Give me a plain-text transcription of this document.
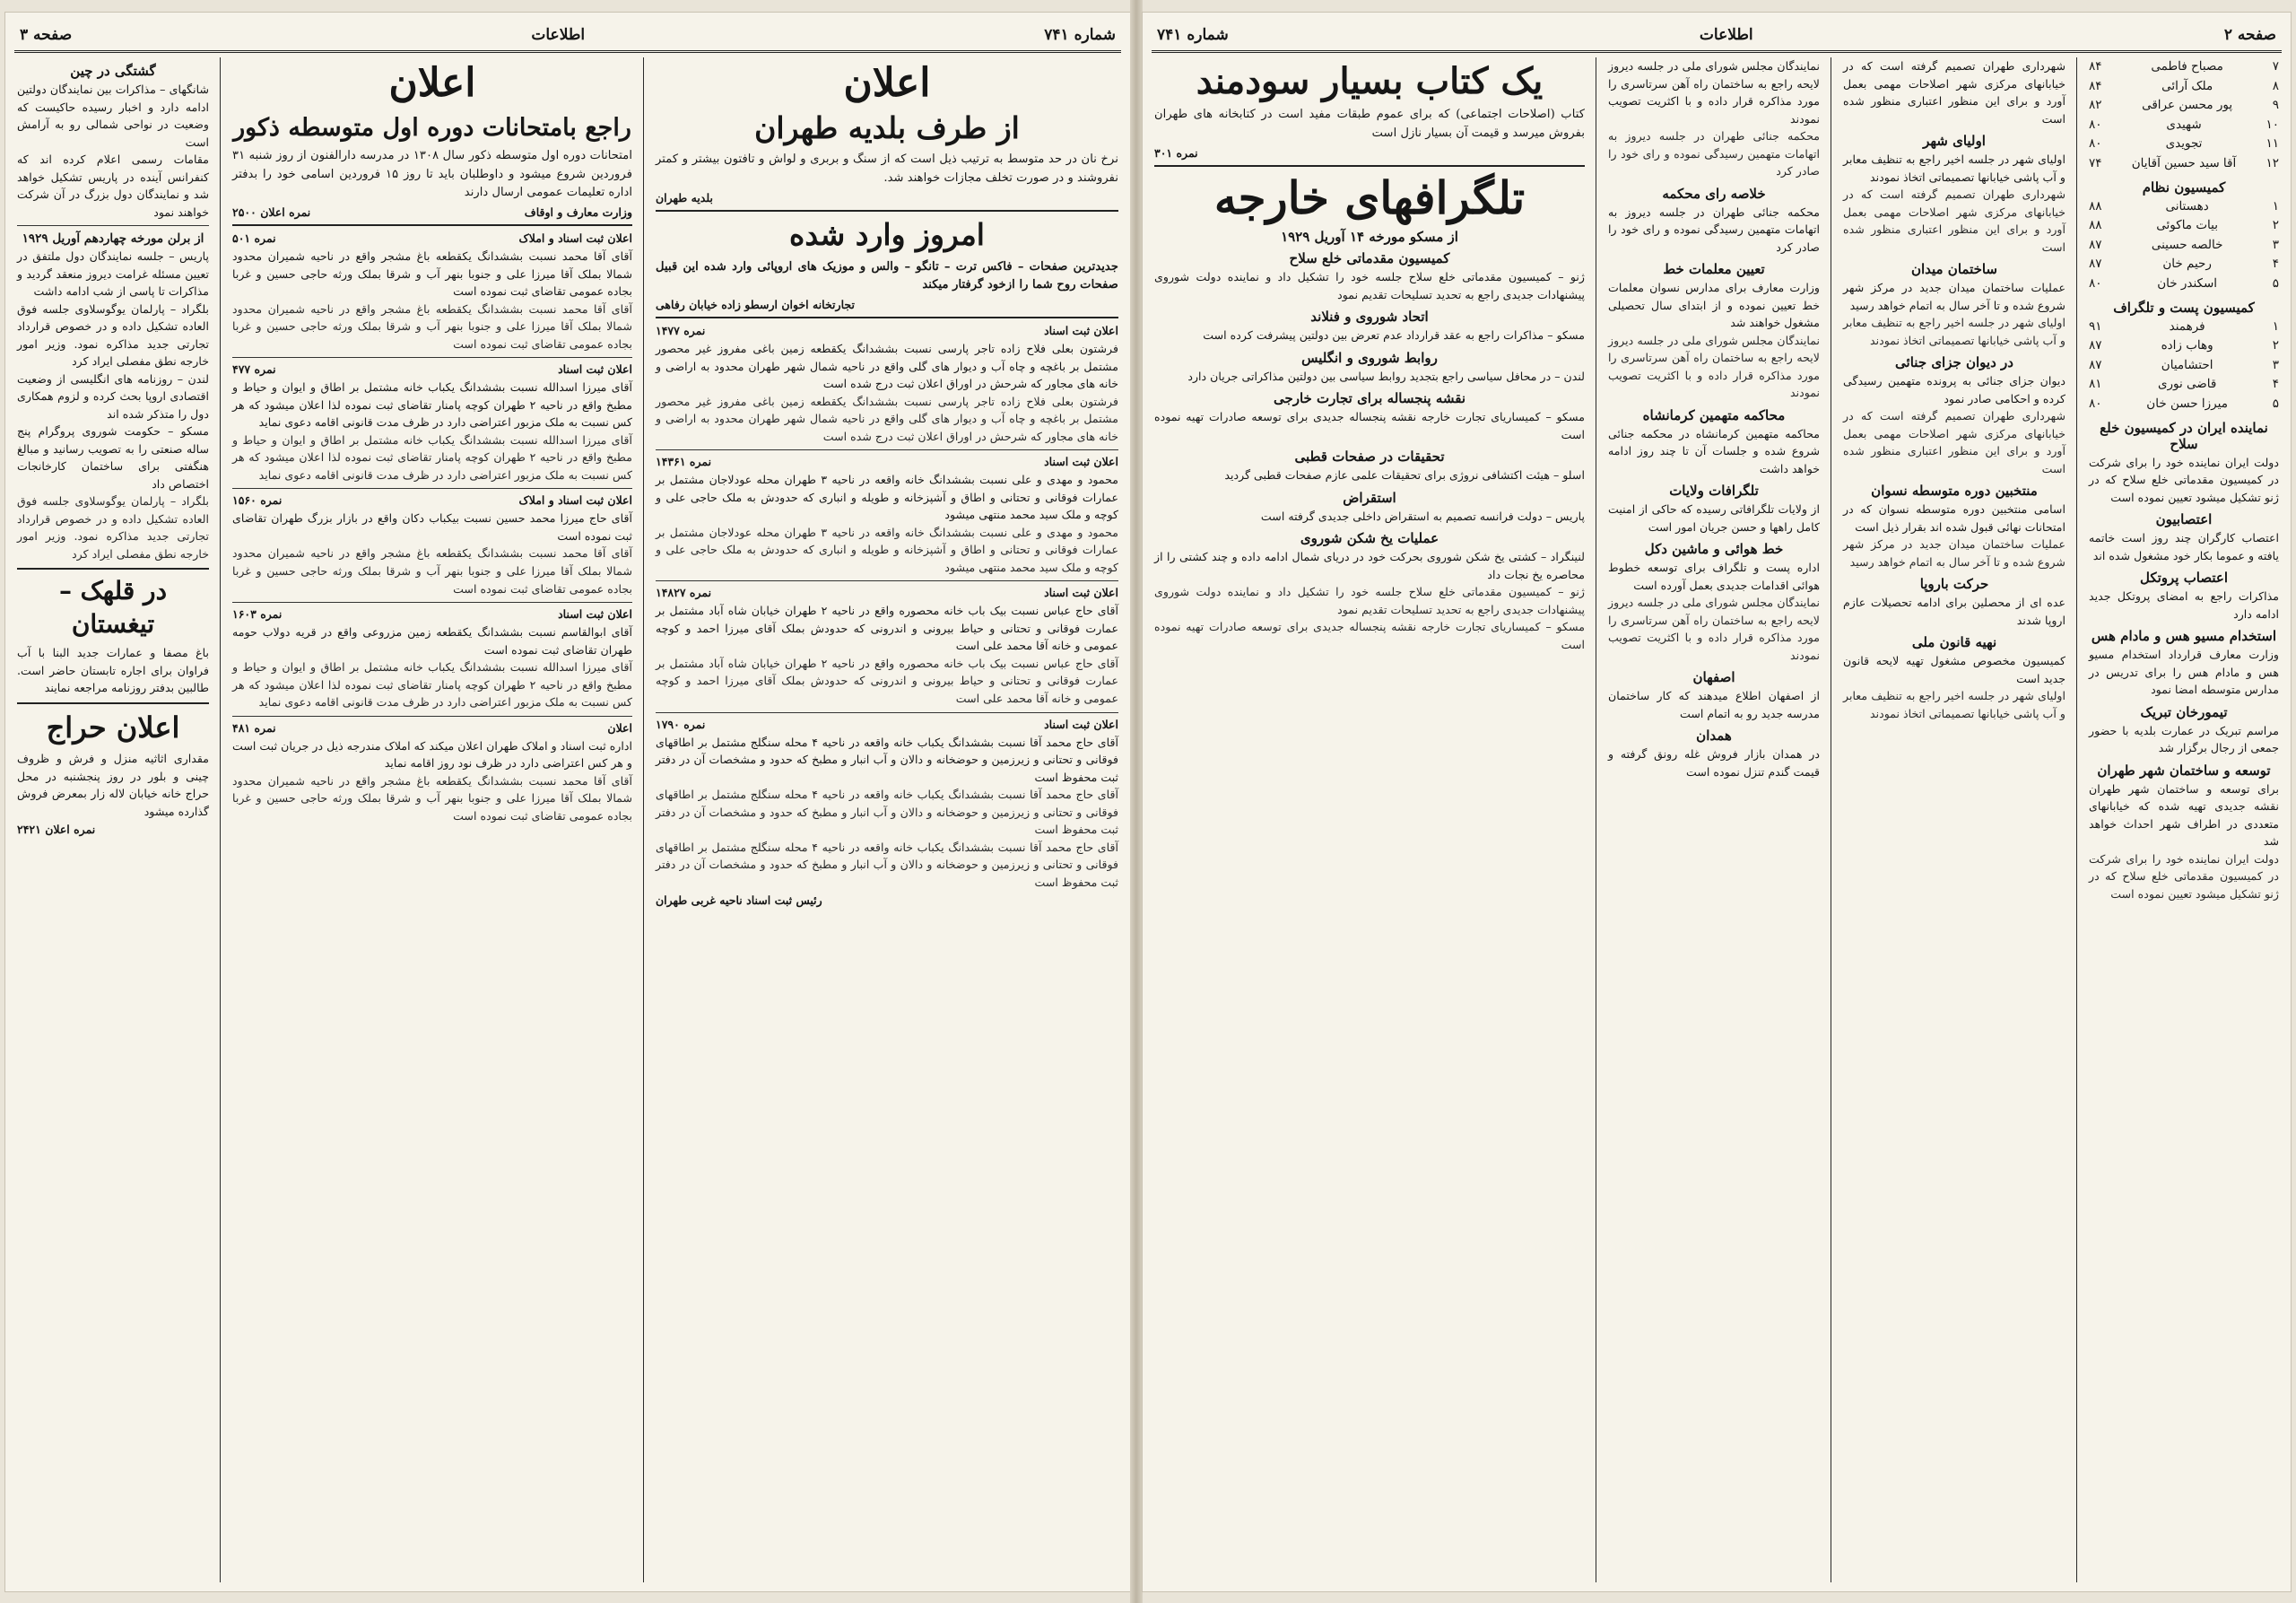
شماره ۷۴۱
اطلاعات
صفحه ۳
اعلان
از طرف بلدیه طهران

نرخ نان در حد متوسط به ترتیب ذیل است که از سنگ و بربری و لواش و تافتون بیشتر و کمتر نفروشند و در صورت تخلف مجازات خواهند شد.

بلدیه طهران
امروز وارد شده

جدیدترین صفحات – فاکس ترت – تانگو – والس و موزیک های اروپائی وارد شده این قبیل صفحات روح شما را ازخود گرفتار میکند

تجارتخانه اخوان ارسطو زاده خیابان رفاهی
اعلان ثبت اسناد
نمره ۱۴۷۷

فرشتون بعلی فلاح زاده تاجر پارسی نسبت بششدانگ یکقطعه زمین باغی مفروز غیر محصور مشتمل بر باغچه و چاه آب و دیوار های گلی واقع در ناحیه شمال شهر طهران محدود به اراضی و خانه های مجاور که شرحش در اوراق اعلان ثبت درج شده است

فرشتون بعلی فلاح زاده تاجر پارسی نسبت بششدانگ یکقطعه زمین باغی مفروز غیر محصور مشتمل بر باغچه و چاه آب و دیوار های گلی واقع در ناحیه شمال شهر طهران محدود به اراضی و خانه های مجاور که شرحش در اوراق اعلان ثبت درج شده است

اعلان ثبت اسناد
نمره ۱۴۳۶۱

محمود و مهدی و علی نسبت بششدانگ خانه واقعه در ناحیه ۳ طهران محله عودلاجان مشتمل بر عمارات فوقانی و تحتانی و اطاق و آشپزخانه و طویله و انباری که حدودش به ملک حاجی علی و کوچه و ملک سید محمد منتهی میشود

محمود و مهدی و علی نسبت بششدانگ خانه واقعه در ناحیه ۳ طهران محله عودلاجان مشتمل بر عمارات فوقانی و تحتانی و اطاق و آشپزخانه و طویله و انباری که حدودش به ملک حاجی علی و کوچه و ملک سید محمد منتهی میشود

اعلان ثبت اسناد
نمره ۱۴۸۲۷

آقای حاج عباس نسبت بیک باب خانه محصوره واقع در ناحیه ۲ طهران خیابان شاه آباد مشتمل بر عمارت فوقانی و تحتانی و حیاط بیرونی و اندرونی که حدودش بملک آقای میرزا احمد و کوچه عمومی و خانه آقا محمد علی است

آقای حاج عباس نسبت بیک باب خانه محصوره واقع در ناحیه ۲ طهران خیابان شاه آباد مشتمل بر عمارت فوقانی و تحتانی و حیاط بیرونی و اندرونی که حدودش بملک آقای میرزا احمد و کوچه عمومی و خانه آقا محمد علی است

اعلان ثبت اسناد
نمره ۱۷۹۰

آقای حاج محمد آقا نسبت بششدانگ یکباب خانه واقعه در ناحیه ۴ محله سنگلج مشتمل بر اطاقهای فوقانی و تحتانی و زیرزمین و حوضخانه و دالان و آب انبار و مطبخ که حدود و مشخصات آن در دفتر ثبت محفوظ است

آقای حاج محمد آقا نسبت بششدانگ یکباب خانه واقعه در ناحیه ۴ محله سنگلج مشتمل بر اطاقهای فوقانی و تحتانی و زیرزمین و حوضخانه و دالان و آب انبار و مطبخ که حدود و مشخصات آن در دفتر ثبت محفوظ است

آقای حاج محمد آقا نسبت بششدانگ یکباب خانه واقعه در ناحیه ۴ محله سنگلج مشتمل بر اطاقهای فوقانی و تحتانی و زیرزمین و حوضخانه و دالان و آب انبار و مطبخ که حدود و مشخصات آن در دفتر ثبت محفوظ است

رئیس ثبت اسناد ناحیه غربی طهران
اعلان
راجع بامتحانات دوره اول متوسطه ذکور

امتحانات دوره اول متوسطه ذکور سال ۱۳۰۸ در مدرسه دارالفنون از روز شنبه ۳۱ فروردین شروع میشود و داوطلبان باید تا روز ۱۵ فروردین اسامی خود را بدفتر اداره تعلیمات عمومی ارسال دارند

وزارت معارف و اوقاف
نمره اعلان ۲۵۰۰
اعلان ثبت اسناد و املاک
نمره ۵۰۱

آقای آقا محمد نسبت بششدانگ یکقطعه باغ مشجر واقع در ناحیه شمیران محدود شمالا بملک آقا میرزا علی و جنوبا بنهر آب و شرقا بملک ورثه حاجی حسین و غربا بجاده عمومی تقاضای ثبت نموده است

آقای آقا محمد نسبت بششدانگ یکقطعه باغ مشجر واقع در ناحیه شمیران محدود شمالا بملک آقا میرزا علی و جنوبا بنهر آب و شرقا بملک ورثه حاجی حسین و غربا بجاده عمومی تقاضای ثبت نموده است

اعلان ثبت اسناد
نمره ۴۷۷

آقای میرزا اسدالله نسبت بششدانگ یکباب خانه مشتمل بر اطاق و ایوان و حیاط و مطبخ واقع در ناحیه ۲ طهران کوچه پامنار تقاضای ثبت نموده لذا اعلان میشود که هر کس نسبت به ملک مزبور اعتراضی دارد در ظرف مدت قانونی اقامه دعوی نماید

آقای میرزا اسدالله نسبت بششدانگ یکباب خانه مشتمل بر اطاق و ایوان و حیاط و مطبخ واقع در ناحیه ۲ طهران کوچه پامنار تقاضای ثبت نموده لذا اعلان میشود که هر کس نسبت به ملک مزبور اعتراضی دارد در ظرف مدت قانونی اقامه دعوی نماید

اعلان ثبت اسناد و املاک
نمره ۱۵۶۰

آقای حاج میرزا محمد حسین نسبت بیکباب دکان واقع در بازار بزرگ طهران تقاضای ثبت نموده است

آقای آقا محمد نسبت بششدانگ یکقطعه باغ مشجر واقع در ناحیه شمیران محدود شمالا بملک آقا میرزا علی و جنوبا بنهر آب و شرقا بملک ورثه حاجی حسین و غربا بجاده عمومی تقاضای ثبت نموده است

اعلان ثبت اسناد
نمره ۱۶۰۳

آقای ابوالقاسم نسبت بششدانگ یکقطعه زمین مزروعی واقع در قریه دولاب حومه طهران تقاضای ثبت نموده است

آقای میرزا اسدالله نسبت بششدانگ یکباب خانه مشتمل بر اطاق و ایوان و حیاط و مطبخ واقع در ناحیه ۲ طهران کوچه پامنار تقاضای ثبت نموده لذا اعلان میشود که هر کس نسبت به ملک مزبور اعتراضی دارد در ظرف مدت قانونی اقامه دعوی نماید

اعلان
نمره ۴۸۱

اداره ثبت اسناد و املاک طهران اعلان میکند که املاک مندرجه ذیل در جریان ثبت است و هر کس اعتراضی دارد در ظرف نود روز اقامه نماید

آقای آقا محمد نسبت بششدانگ یکقطعه باغ مشجر واقع در ناحیه شمیران محدود شمالا بملک آقا میرزا علی و جنوبا بنهر آب و شرقا بملک ورثه حاجی حسین و غربا بجاده عمومی تقاضای ثبت نموده است

گشتگی در چین

شانگهای – مذاکرات بین نمایندگان دولتین ادامه دارد و اخبار رسیده حاکیست که وضعیت در نواحی شمالی رو به آرامش است

مقامات رسمی اعلام کرده اند که کنفرانس آینده در پاریس تشکیل خواهد شد و نمایندگان دول بزرگ در آن شرکت خواهند نمود

از برلن مورخه چهاردهم آوریل ۱۹۲۹

پاریس – جلسه نمایندگان دول ملتفق در تعیین مسئله غرامت دیروز منعقد گردید و مذاکرات تا پاسی از شب ادامه داشت

بلگراد – پارلمان یوگوسلاوی جلسه فوق العاده تشکیل داده و در خصوص قرارداد تجارتی جدید مذاکره نمود. وزیر امور خارجه نطق مفصلی ایراد کرد

لندن – روزنامه های انگلیسی از وضعیت اقتصادی اروپا بحث کرده و لزوم همکاری دول را متذکر شده اند

مسکو – حکومت شوروی پروگرام پنج ساله صنعتی را به تصویب رسانید و مبالغ هنگفتی برای ساختمان کارخانجات اختصاص داد

بلگراد – پارلمان یوگوسلاوی جلسه فوق العاده تشکیل داده و در خصوص قرارداد تجارتی جدید مذاکره نمود. وزیر امور خارجه نطق مفصلی ایراد کرد

در قلهک – تیغستان

باغ مصفا و عمارات جدید البنا با آب فراوان برای اجاره تابستان حاضر است. طالبین بدفتر روزنامه مراجعه نمایند

اعلان حراج

مقداری اثاثیه منزل و فرش و ظروف چینی و بلور در روز پنجشنبه در محل حراج خانه خیابان لاله زار بمعرض فروش گذارده میشود

نمره اعلان ۲۴۲۱
صفحه ۲
اطلاعات
شماره ۷۴۱
۷
مصباح فاطمی
۸۴
۸
ملک آرائی
۸۴
۹
پور محسن عراقی
۸۲
۱۰
شهیدی
۸۰
۱۱
تجویدی
۸۰
۱۲
آقا سید حسین آقایان
۷۴
کمیسیون نظام
۱
دهستانی
۸۸
۲
بیات ماکوئی
۸۸
۳
خالصه حسینی
۸۷
۴
رحیم خان
۸۷
۵
اسکندر خان
۸۰
کمیسیون پست و تلگراف
۱
فرهمند
۹۱
۲
وهاب زاده
۸۷
۳
احتشامیان
۸۷
۴
قاضی نوری
۸۱
۵
میرزا حسن خان
۸۰
نماینده ایران در کمیسیون خلع سلاح

دولت ایران نماینده خود را برای شرکت در کمیسیون مقدماتی خلع سلاح که در ژنو تشکیل میشود تعیین نموده است

اعتصابیون

اعتصاب کارگران چند روز است خاتمه یافته و عموما بکار خود مشغول شده اند

اعتصاب پروتکل

مذاکرات راجع به امضای پروتکل جدید ادامه دارد

استخدام مسیو هس و مادام هس

وزارت معارف قرارداد استخدام مسیو هس و مادام هس را برای تدریس در مدارس متوسطه امضا نمود

تیمورخان تبریک

مراسم تبریک در عمارت بلدیه با حضور جمعی از رجال برگزار شد

توسعه و ساختمان شهر طهران

برای توسعه و ساختمان شهر طهران نقشه جدیدی تهیه شده که خیابانهای متعددی در اطراف شهر احداث خواهد شد

دولت ایران نماینده خود را برای شرکت در کمیسیون مقدماتی خلع سلاح که در ژنو تشکیل میشود تعیین نموده است

شهرداری طهران تصمیم گرفته است که در خیابانهای مرکزی شهر اصلاحات مهمی بعمل آورد و برای این منظور اعتباری منظور شده است

اولیای شهر

اولیای شهر در جلسه اخیر راجع به تنظیف معابر و آب پاشی خیابانها تصمیماتی اتخاذ نمودند

شهرداری طهران تصمیم گرفته است که در خیابانهای مرکزی شهر اصلاحات مهمی بعمل آورد و برای این منظور اعتباری منظور شده است

ساختمان میدان

عملیات ساختمان میدان جدید در مرکز شهر شروع شده و تا آخر سال به اتمام خواهد رسید

اولیای شهر در جلسه اخیر راجع به تنظیف معابر و آب پاشی خیابانها تصمیماتی اتخاذ نمودند

در دیوان جزای جنائی

دیوان جزای جنائی به پرونده متهمین رسیدگی کرده و احکامی صادر نمود

شهرداری طهران تصمیم گرفته است که در خیابانهای مرکزی شهر اصلاحات مهمی بعمل آورد و برای این منظور اعتباری منظور شده است

منتخبین دوره متوسطه نسوان

اسامی منتخبین دوره متوسطه نسوان که در امتحانات نهائی قبول شده اند بقرار ذیل است

عملیات ساختمان میدان جدید در مرکز شهر شروع شده و تا آخر سال به اتمام خواهد رسید

حرکت باروپا

عده ای از محصلین برای ادامه تحصیلات عازم اروپا شدند

نهیه قانون ملی

کمیسیون مخصوص مشغول تهیه لایحه قانون جدید است

اولیای شهر در جلسه اخیر راجع به تنظیف معابر و آب پاشی خیابانها تصمیماتی اتخاذ نمودند

نمایندگان مجلس شورای ملی در جلسه دیروز لایحه راجع به ساختمان راه آهن سرتاسری را مورد مذاکره قرار داده و با اکثریت تصویب نمودند

محکمه جنائی طهران در جلسه دیروز به اتهامات متهمین رسیدگی نموده و رای خود را صادر کرد

خلاصه رای محکمه

محکمه جنائی طهران در جلسه دیروز به اتهامات متهمین رسیدگی نموده و رای خود را صادر کرد

تعیین معلمات خط

وزارت معارف برای مدارس نسوان معلمات خط تعیین نموده و از ابتدای سال تحصیلی مشغول خواهند شد

نمایندگان مجلس شورای ملی در جلسه دیروز لایحه راجع به ساختمان راه آهن سرتاسری را مورد مذاکره قرار داده و با اکثریت تصویب نمودند

محاکمه متهمین کرمانشاه

محاکمه متهمین کرمانشاه در محکمه جنائی شروع شده و جلسات آن تا چند روز ادامه خواهد داشت

تلگرافات ولایات

از ولایات تلگرافاتی رسیده که حاکی از امنیت کامل راهها و حسن جریان امور است

خط هوائی و ماشین دکل

اداره پست و تلگراف برای توسعه خطوط هوائی اقدامات جدیدی بعمل آورده است

نمایندگان مجلس شورای ملی در جلسه دیروز لایحه راجع به ساختمان راه آهن سرتاسری را مورد مذاکره قرار داده و با اکثریت تصویب نمودند

اصفهان

از اصفهان اطلاع میدهند که کار ساختمان مدرسه جدید رو به اتمام است

همدان

در همدان بازار فروش غله رونق گرفته و قیمت گندم تنزل نموده است

یک کتاب بسیار سودمند

کتاب (اصلاحات اجتماعی) که برای عموم طبقات مفید است در کتابخانه های طهران بفروش میرسد و قیمت آن بسیار نازل است

نمره ۳۰۱
تلگرافهای خارجه
از مسکو مورخه ۱۴ آوریل ۱۹۲۹
کمیسیون مقدماتی خلع سلاح

ژنو – کمیسیون مقدماتی خلع سلاح جلسه خود را تشکیل داد و نماینده دولت شوروی پیشنهادات جدیدی راجع به تحدید تسلیحات تقدیم نمود

اتحاد شوروی و فنلاند

مسکو – مذاکرات راجع به عقد قرارداد عدم تعرض بین دولتین پیشرفت کرده است

روابط شوروی و انگلیس

لندن – در محافل سیاسی راجع بتجدید روابط سیاسی بین دولتین مذاکراتی جریان دارد

نقشه پنجساله برای تجارت خارجی

مسکو – کمیساریای تجارت خارجه نقشه پنجساله جدیدی برای توسعه صادرات تهیه نموده است

تحقیقات در صفحات قطبی

اسلو – هیئت اکتشافی نروژی برای تحقیقات علمی عازم صفحات قطبی گردید

استقراض

پاریس – دولت فرانسه تصمیم به استقراض داخلی جدیدی گرفته است

عملیات یخ شکن شوروی

لنینگراد – کشتی یخ شکن شوروی بحرکت خود در دریای شمال ادامه داده و چند کشتی را از محاصره یخ نجات داد

ژنو – کمیسیون مقدماتی خلع سلاح جلسه خود را تشکیل داد و نماینده دولت شوروی پیشنهادات جدیدی راجع به تحدید تسلیحات تقدیم نمود

مسکو – کمیساریای تجارت خارجه نقشه پنجساله جدیدی برای توسعه صادرات تهیه نموده است
